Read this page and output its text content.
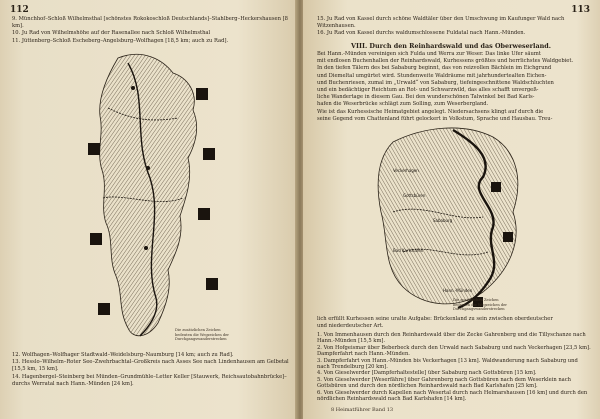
112

9. Münchhof–Schloß Wilhelmsthal [schönstes Rokokoschloß Deutschlands]–Stahlberg–Heckershausen [8 km].

10. Ju Rad von Wilhelmshöhe auf der Rasenallee nach Schloß Wilhelmsthal

11. Jüttenberg–Schloß Escheberg–Angelsburg–Wolfhagen [18,5 km; auch zu Rad].

Die zusätzlichen Zeichen bedeuten die Wegzeichen der Durchgangswanderstrecken

12. Wolfhagen–Wolfhager Stadtwald–Weidelsburg–Naumburg [14 km; auch zu Rad].

13. Hesslo–Wilhelm–Roter See–Zwehrbachtal–Großkreis nach Asses See nach Lindenhausen am Gelbetal [15,5 km, 15 km].

14. Hagenbergel–Steinberg bei Münden–Grundmühle–Letter Keller [Stauwerk, Reichsautobahnbrücke]–durchs Werratal nach Hann.-Münden [24 km].

113

15. Ju Rad von Kassel durch schöne Waldtäler über den Umschwung im Kaufunger Wald nach Witzenhausen.

16. Ju Rad von Kassel durchs waldumschlossene Fuldatal nach Hann.-Münden.

VIII. Durch den Reinhardswald und das Oberweserland.

Bei Hann.-Münden vereinigen sich Fulda und Werra zur Weser. Das linke Ufer säumt

mit endlosen Buchenhallen der Reinhardswald, Kurhessens größtes und herrlichstes Waldgebiet.

In den tiefen Tälern des bei Sababurg beginnt, das von reizvollen Bächlein im Eichgrund

und Diemeltal umgürtet wird. Stundenweite Waldräume mit jahrhundertealten Eichen-

und Buchenriesen, zumal im „Urwald“ von Sababurg, tiefeingeschnittene Waldschluchten

und ein bedächtiger Reichtum an Rot- und Schwarzwild, das alles schafft unvergeß-

liche Wandertage in diesem Gau. Bei den wunderschönen Talwinkel bei Bad Karls-

hafen die Weserbrücke schlägt zum Solling, zum Weserbergland.

Wie ist das Kurhessische Heimatgebiet angelegt. Niedersachsens klingt auf durch die

seine Gegend vom Chattenland führt gelockert in Volkstum, Sprache und Hausbau. Treu-

Veckerhagen
Gottsbüren
Sababurg
Bad Karlshafen
Hann.-Münden
Die zusätzlichen Zeichen bedeuten die Wegzeichen der Durchgangswanderstrecken

lich erfüllt Kurhessen seine uralte Aufgabe: Brückenland zu sein zwischen oberdeutscher

und niederdeutscher Art.

1. Von Immenhausen durch den Reinhardswald über die Zecke Gahrenberg und die Tillyschanze nach Hann.-Münden [15,5 km].

2. Von Hofgeismar über Beberbeck durch den Urwald nach Sababurg und nach Veckerhagen [23,5 km]. Dampferfahrt nach Hann.-Münden.

3. Dampferfahrt von Hann.-Münden bis Veckerhagen [13 km]. Waldwanderung nach Sababurg und nach Trendelburg [20 km].

4. Von Gieselwerder [Dampferhaltestelle] über Sababurg nach Gottsbüren [15 km].

5. Von Gieselwerder [Weserfähre] über Gahrenberg nach Gottsbüren nach dem Weserklein nach Gottsbüren und durch den nördlichen Reinhardswald nach Bad Karlshafen [25 km].

6. Von Gieselwerder durch Kapellen nach Wesertal durch nach Helmarshausen [16 km] und durch den nördlichen Reinhardswald nach Bad Karlshafen [14 km].

8 Heimatführer Band 13
